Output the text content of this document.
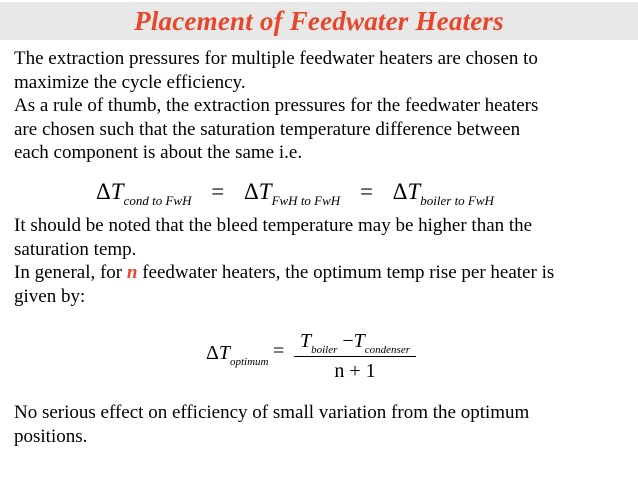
Placement of Feedwater Heaters
The extraction pressures for multiple feedwater heaters are chosen to
maximize the cycle efficiency.
As a rule of thumb, the extraction pressures for the feedwater heaters
are chosen such that the saturation temperature difference between
each component is about the same i.e.
$\Delta T_{cond to FwH} = \Delta T_{FwH to FwH} = \Delta T_{boiler to FwH}$
It should be noted that the bleed temperature may be higher than the
saturation temp.
In general, for n feedwater heaters, the optimum temp rise per heater is
given by:
$\Delta T_{optimum} = T_{boiler} -T_{condenser}$
n + 1
No serious effect on efficiency of small variation from the optimum
positions.
